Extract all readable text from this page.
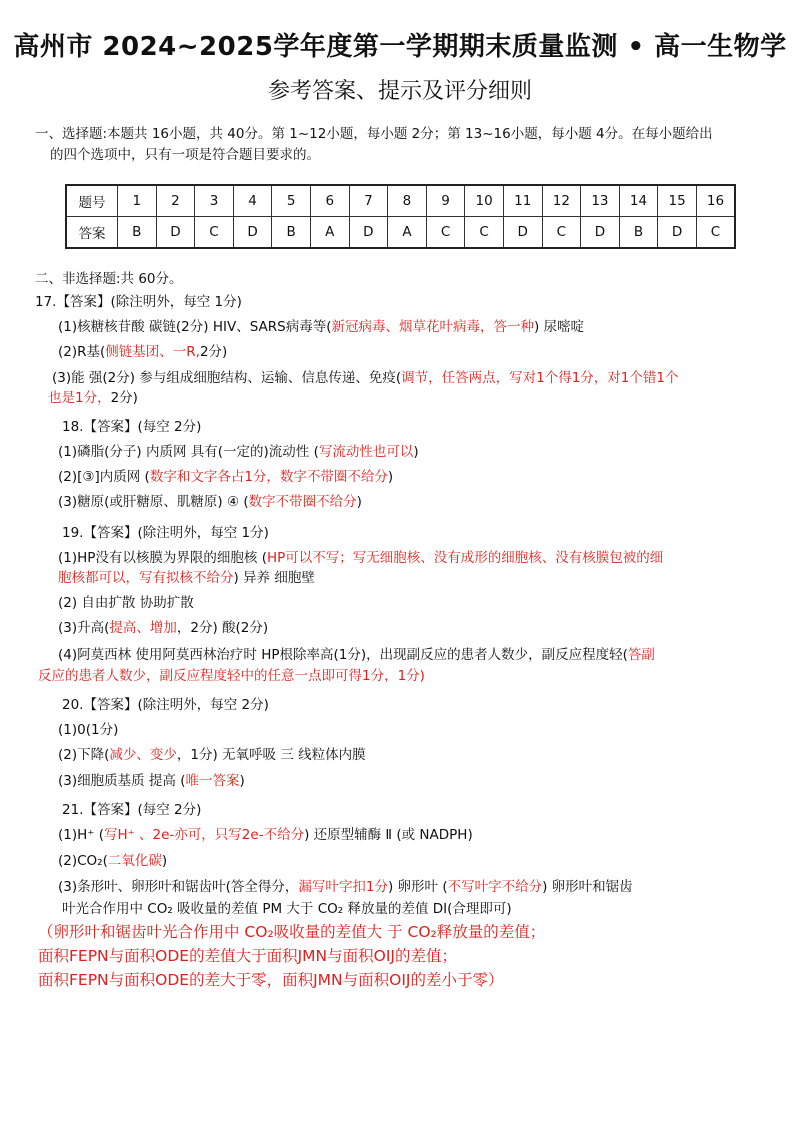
高州市 2024~2025学年度第一学期期末质量监测 • 高一生物学
参考答案、提示及评分细则
一、选择题:本题共 16小题，共 40分。第 1~12小题，每小题 2分；第 13~16小题，每小题 4分。在每小题给出
的四个选项中，只有一项是符合题目要求的。
题号	1	2	3	4	5	6	7	8	9	10	11	12	13	14	15	16
答案	B	D	C	D	B	A	D	A	C	C	D	C	D	B	D	C
二、非选择题:共 60分。
17.【答案】(除注明外，每空 1分)
(1)核糖核苷酸 碳链(2分) HIV、SARS病毒等(新冠病毒、烟草花叶病毒，答一种) 尿嘧啶
(2)R基(侧链基团、一R,2分)
(3)能 强(2分) 参与组成细胞结构、运输、信息传递、免疫(调节，任答两点，写对1个得1分，对1个错1个
也是1分，2分)
18.【答案】(每空 2分)
(1)磷脂(分子) 内质网 具有(一定的)流动性 (写流动性也可以)
(2)[③]内质网 (数字和文字各占1分，数字不带圈不给分)
(3)糖原(或肝糖原、肌糖原) ④ (数字不带圈不给分)
19.【答案】(除注明外，每空 1分)
(1)HP没有以核膜为界限的细胞核 (HP可以不写；写无细胞核、没有成形的细胞核、没有核膜包被的细
胞核都可以，写有拟核不给分) 异养 细胞壁
(2) 自由扩散 协助扩散
(3)升高(提高、增加，2分) 酸(2分)
(4)阿莫西林 使用阿莫西林治疗时 HP根除率高(1分)，出现副反应的患者人数少，副反应程度轻(答副
反应的患者人数少，副反应程度轻中的任意一点即可得1分，1分)
20.【答案】(除注明外，每空 2分)
(1)0(1分)
(2)下降(减少、变少，1分) 无氧呼吸 三 线粒体内膜
(3)细胞质基质 提高 (唯一答案)
21.【答案】(每空 2分)
(1)H⁺ (写H⁺ 、2e-亦可，只写2e-不给分) 还原型辅酶 Ⅱ (或 NADPH)
(2)CO₂(二氧化碳)
(3)条形叶、卵形叶和锯齿叶(答全得分，漏写叶字扣1分) 卵形叶 (不写叶字不给分) 卵形叶和锯齿
叶光合作用中 CO₂ 吸收量的差值 PM 大于 CO₂ 释放量的差值 DI(合理即可)
（卵形叶和锯齿叶光合作用中 CO₂吸收量的差值大 于 CO₂释放量的差值；
面积FEPN与面积ODE的差值大于面积JMN与面积OIJ的差值；
面积FEPN与面积ODE的差大于零，面积JMN与面积OIJ的差小于零）
